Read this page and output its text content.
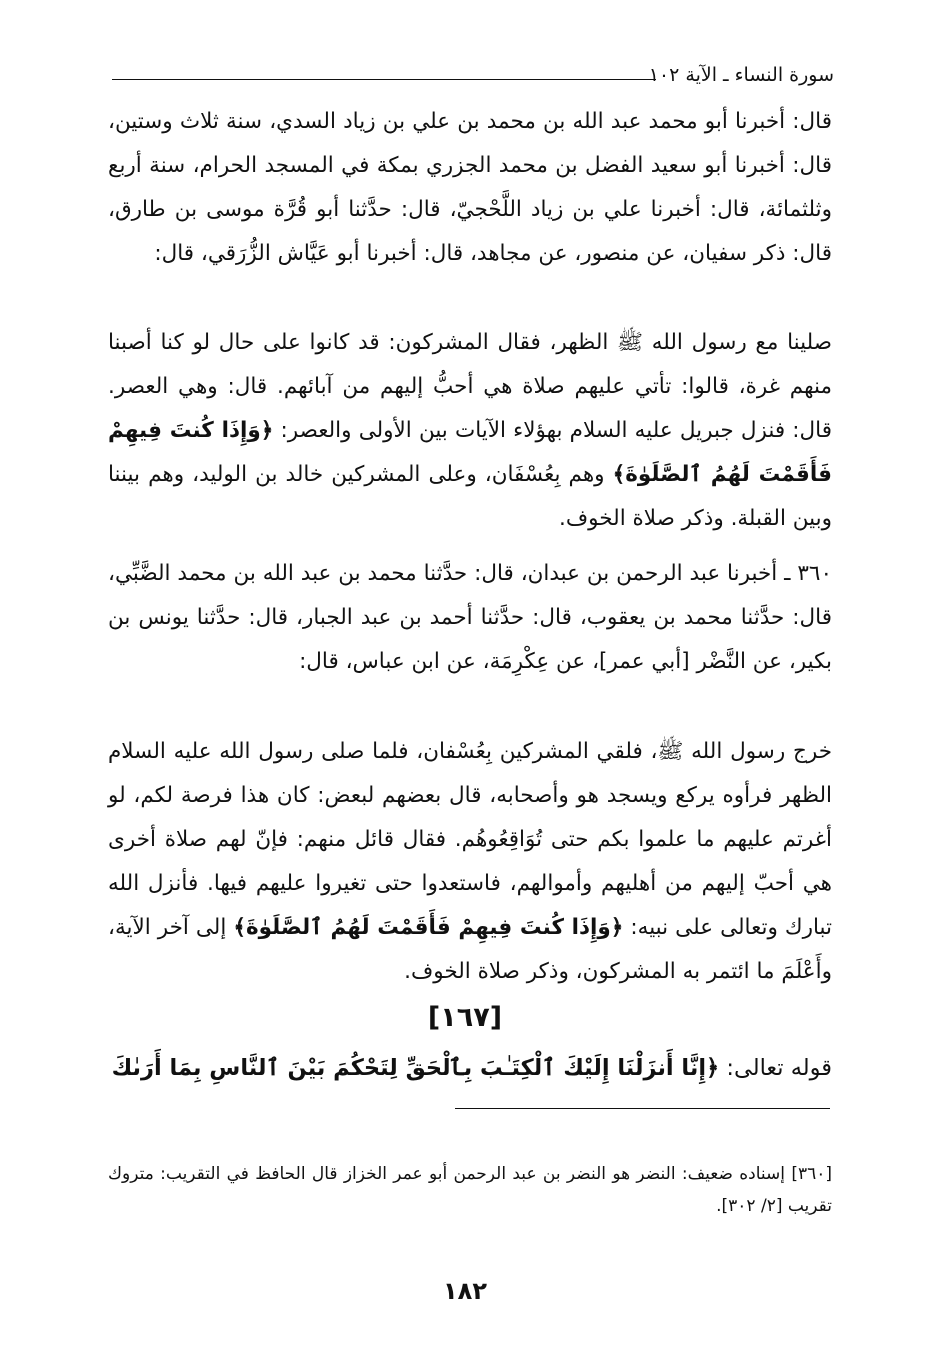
سورة النساء ـ الآية ١٠٢

قال: أخبرنا أبو محمد عبد الله بن محمد بن علي بن زياد السدي، سنة ثلاث وستين، قال: أخبرنا أبو سعيد الفضل بن محمد الجزري بمكة في المسجد الحرام، سنة أربع وثلثمائة، قال: أخبرنا علي بن زياد اللَّحْجيّ، قال: حدَّثنا أبو قُرَّة موسى بن طارق، قال: ذكر سفيان، عن منصور، عن مجاهد، قال: أخبرنا أبو عَيَّاش الزُّرَقي، قال:

صلينا مع رسول الله ﷺ الظهر، فقال المشركون: قد كانوا على حال لو كنا أصبنا منهم غرة، قالوا: تأتي عليهم صلاة هي أحبُّ إليهم من آبائهم. قال: وهي العصر. قال: فنزل جبريل عليه السلام بهؤلاء الآيات بين الأولى والعصر: ﴿وَإِذَا كُنتَ فِيهِمْ فَأَقَمْتَ لَهُمُ ٱلصَّلَوٰةَ﴾ وهم بِعُسْفَان، وعلى المشركين خالد بن الوليد، وهم بيننا وبين القبلة. وذكر صلاة الخوف.

٣٦٠ ـ أخبرنا عبد الرحمن بن عبدان، قال: حدَّثنا محمد بن عبد الله بن محمد الضَّبِّي، قال: حدَّثنا محمد بن يعقوب، قال: حدَّثنا أحمد بن عبد الجبار، قال: حدَّثنا يونس بن بكير، عن النَّضْر [أبي عمر]، عن عِكْرِمَة، عن ابن عباس، قال:

خرج رسول الله ﷺ، فلقي المشركين بِعُسْفان، فلما صلى رسول الله عليه السلام الظهر فرأوه يركع ويسجد هو وأصحابه، قال بعضهم لبعض: كان هذا فرصة لكم، لو أغرتم عليهم ما علموا بكم حتى تُوَاقِعُوهُم. فقال قائل منهم: فإنّ لهم صلاة أخرى هي أحبّ إليهم من أهليهم وأموالهم، فاستعدوا حتى تغيروا عليهم فيها. فأنزل الله تبارك وتعالى على نبيه: ﴿وَإِذَا كُنتَ فِيهِمْ فَأَقَمْتَ لَهُمُ ٱلصَّلَوٰةَ﴾ إلى آخر الآية، وأَعْلَمَ ما ائتمر به المشركون، وذكر صلاة الخوف.

[١٦٧]
قوله تعالى: ﴿إِنَّا أَنزَلْنَا إِلَيْكَ ٱلْكِتَـٰبَ بِٱلْحَقِّ لِتَحْكُمَ بَيْنَ ٱلنَّاسِ بِمَا أَرَىٰكَ

[٣٦٠] إسناده ضعيف: النضر هو النضر بن عبد الرحمن أبو عمر الخزاز قال الحافظ في التقريب: متروك تقريب [٢/ ٣٠٢].

١٨٢
